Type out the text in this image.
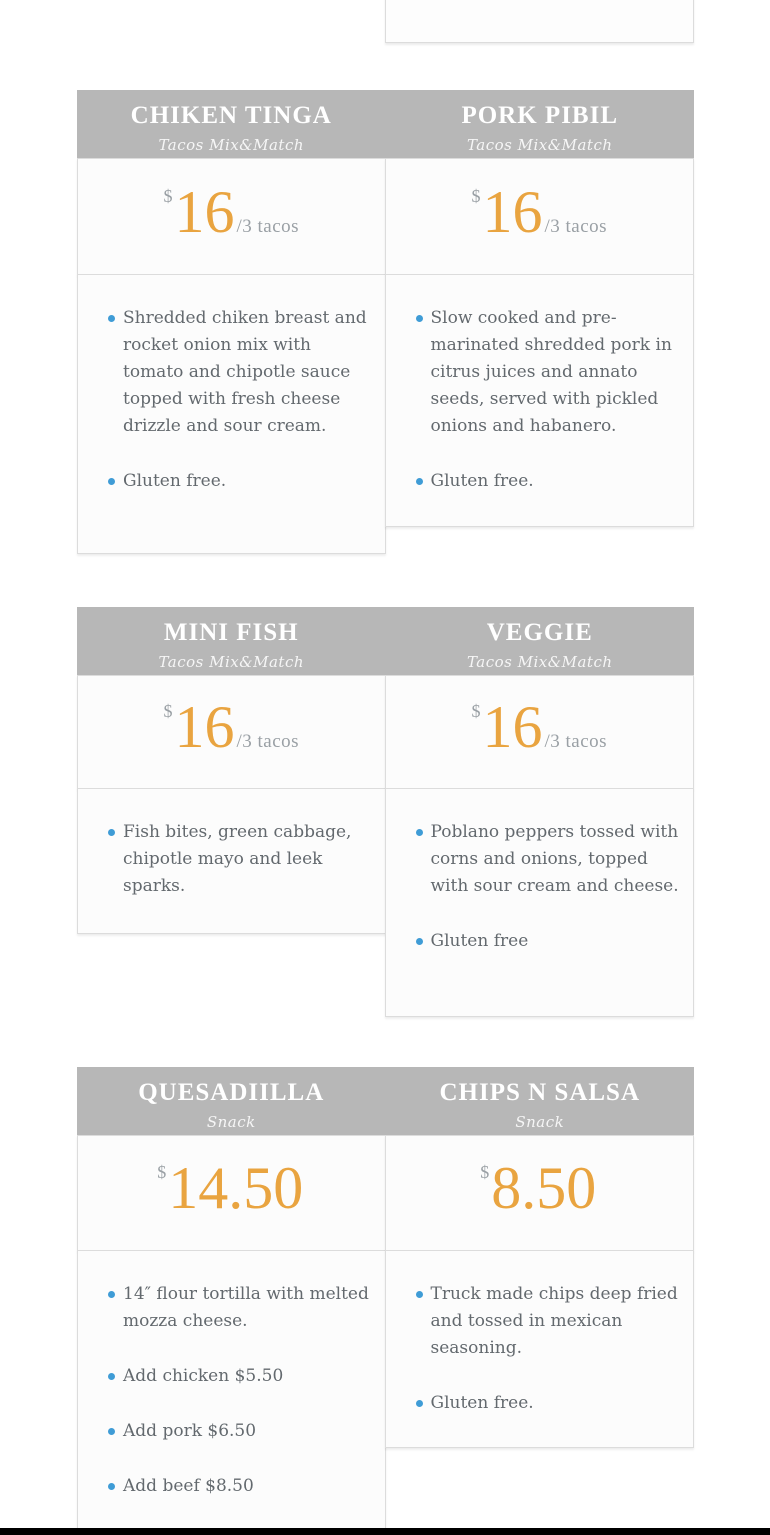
CHIKEN TINGA
Tacos Mix&Match
PORK PIBIL
Tacos Mix&Match
$ 16 /3 tacos
Shredded chiken breast and rocket onion mix with tomato and chipotle sauce topped with fresh cheese drizzle and sour cream.
Gluten free.
$ 16 /3 tacos
Slow cooked and pre-marinated shredded pork in citrus juices and annato seeds, served with pickled onions and habanero.
Gluten free.
MINI FISH
Tacos Mix&Match
VEGGIE
Tacos Mix&Match
$ 16 /3 tacos
Fish bites, green cabbage, chipotle mayo and leek sparks.
$ 16 /3 tacos
Poblano peppers tossed with corns and onions, topped with sour cream and cheese.
Gluten free
QUESADIILLA
Snack
CHIPS N SALSA
Snack
$ 14.50
14″ flour tortilla with melted mozza cheese.
Add chicken $5.50
Add pork $6.50
Add beef $8.50
$ 8.50
Truck made chips deep fried and tossed in mexican seasoning.
Gluten free.
